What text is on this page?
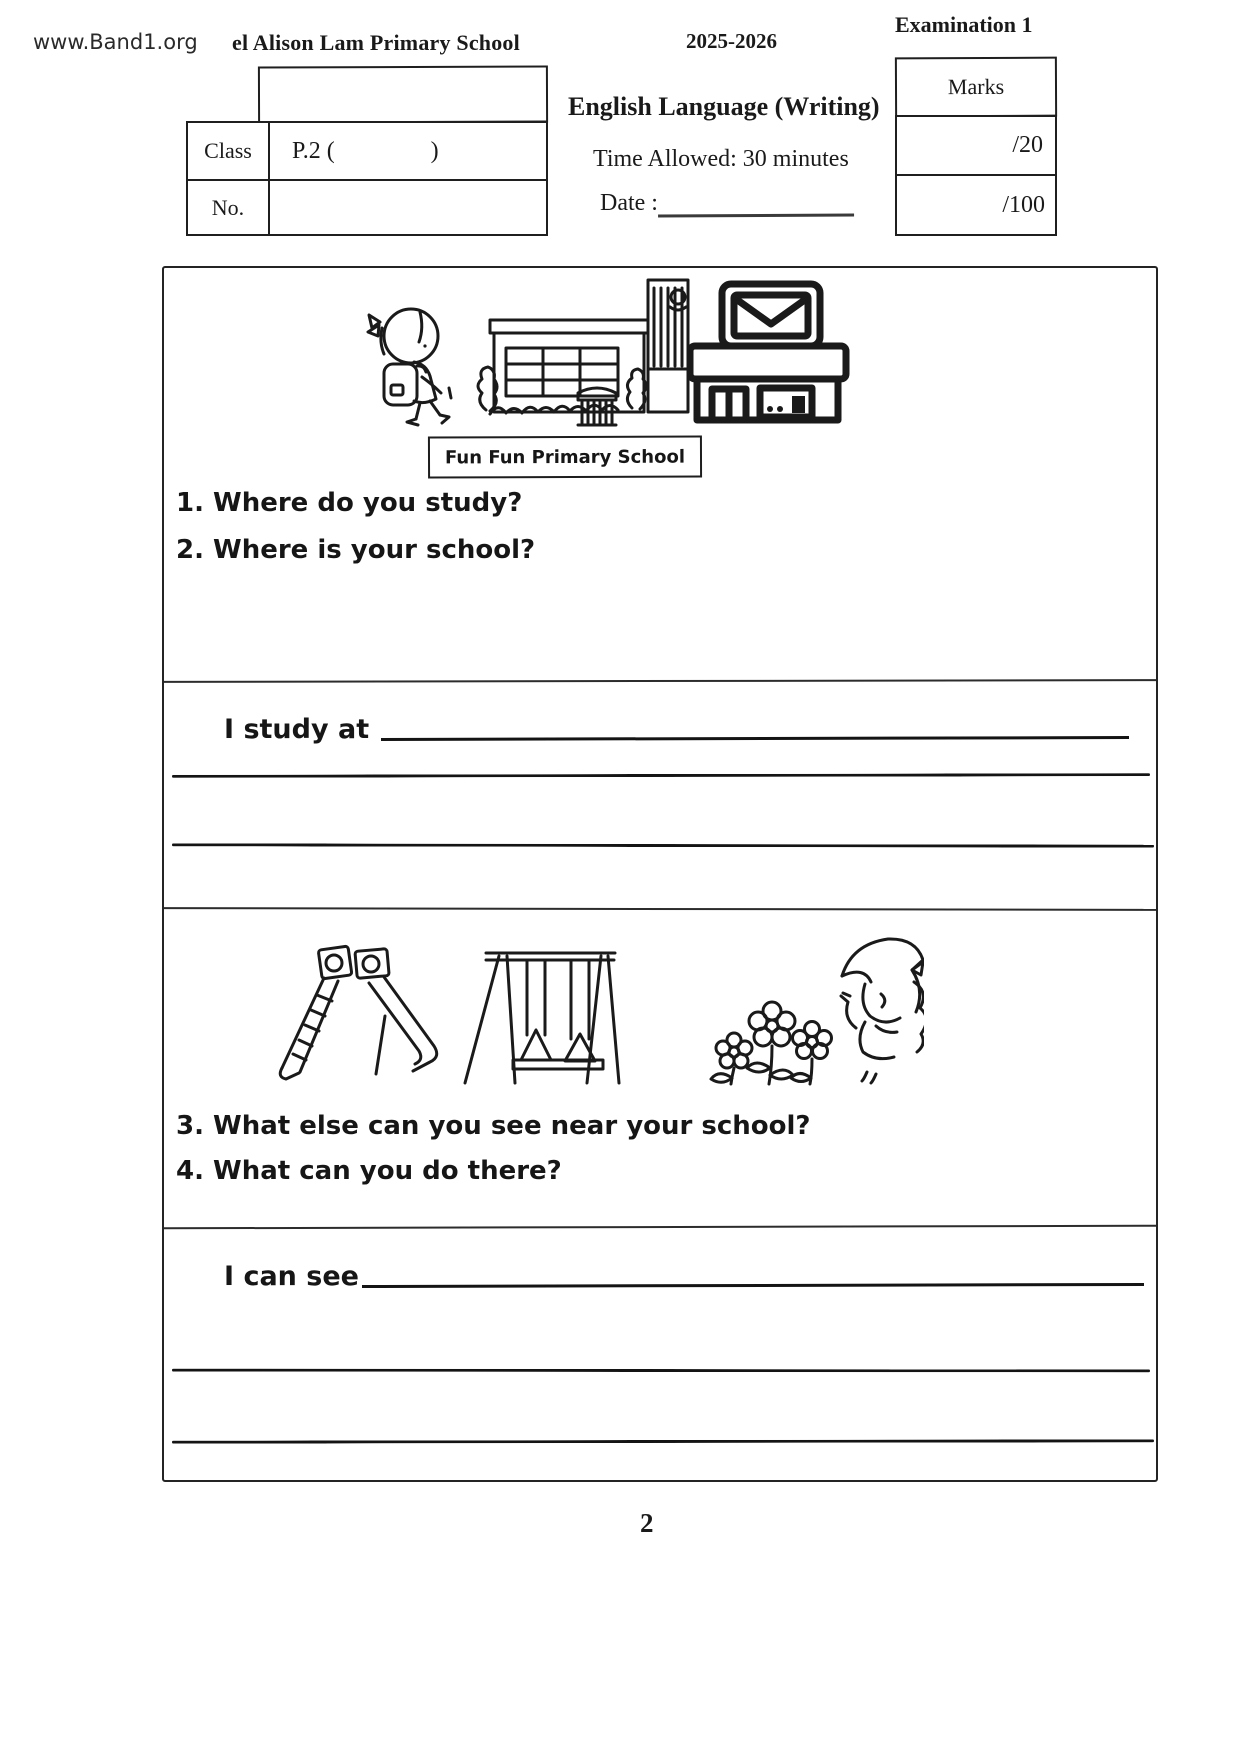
www.Band1.org el Alison Lam Primary School	2025-2026
Examination 1
Class	P.2 (                )
No.
English Language (Writing)
Time Allowed: 30 minutes
Date :
Marks
/20
/100
Fun Fun Primary School
1. Where do you study?
2. Where is your school?
I study at
3. What else can you see near your school?
4. What can you do there?
I can see
2
